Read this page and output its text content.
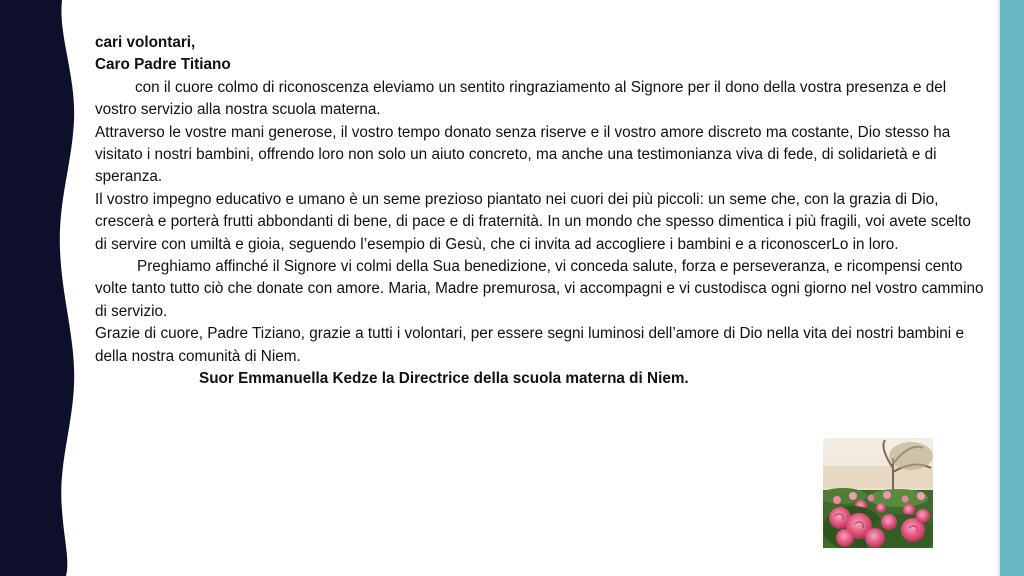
cari volontari,

Caro Padre Titiano

con il cuore colmo di riconoscenza eleviamo un sentito ringraziamento al Signore per il dono della vostra presenza e del vostro servizio alla nostra scuola materna.

Attraverso le vostre mani generose, il vostro tempo donato senza riserve e il vostro amore discreto ma costante, Dio stesso ha visitato i nostri bambini, offrendo loro non solo un aiuto concreto, ma anche una testimonianza viva di fede, di solidarietà e di speranza.

Il vostro impegno educativo e umano è un seme prezioso piantato nei cuori dei più piccoli: un seme che, con la grazia di Dio, crescerà e porterà frutti abbondanti di bene, di pace e di fraternità. In un mondo che spesso dimentica i più fragili, voi avete scelto di servire con umiltà e gioia, seguendo l’esempio di Gesù, che ci invita ad accogliere i bambini e a riconoscerLo in loro.

Preghiamo affinché il Signore vi colmi della Sua benedizione, vi conceda salute, forza e perseveranza, e ricompensi cento volte tanto tutto ciò che donate con amore. Maria, Madre premurosa, vi accompagni e vi custodisca ogni giorno nel vostro cammino di servizio.

Grazie di cuore, Padre Tiziano, grazie a tutti i volontari, per essere segni luminosi dell’amore di Dio nella vita dei nostri bambini e della nostra comunità di Niem.

Suor Emmanuella Kedze la Directrice della scuola materna di Niem.
